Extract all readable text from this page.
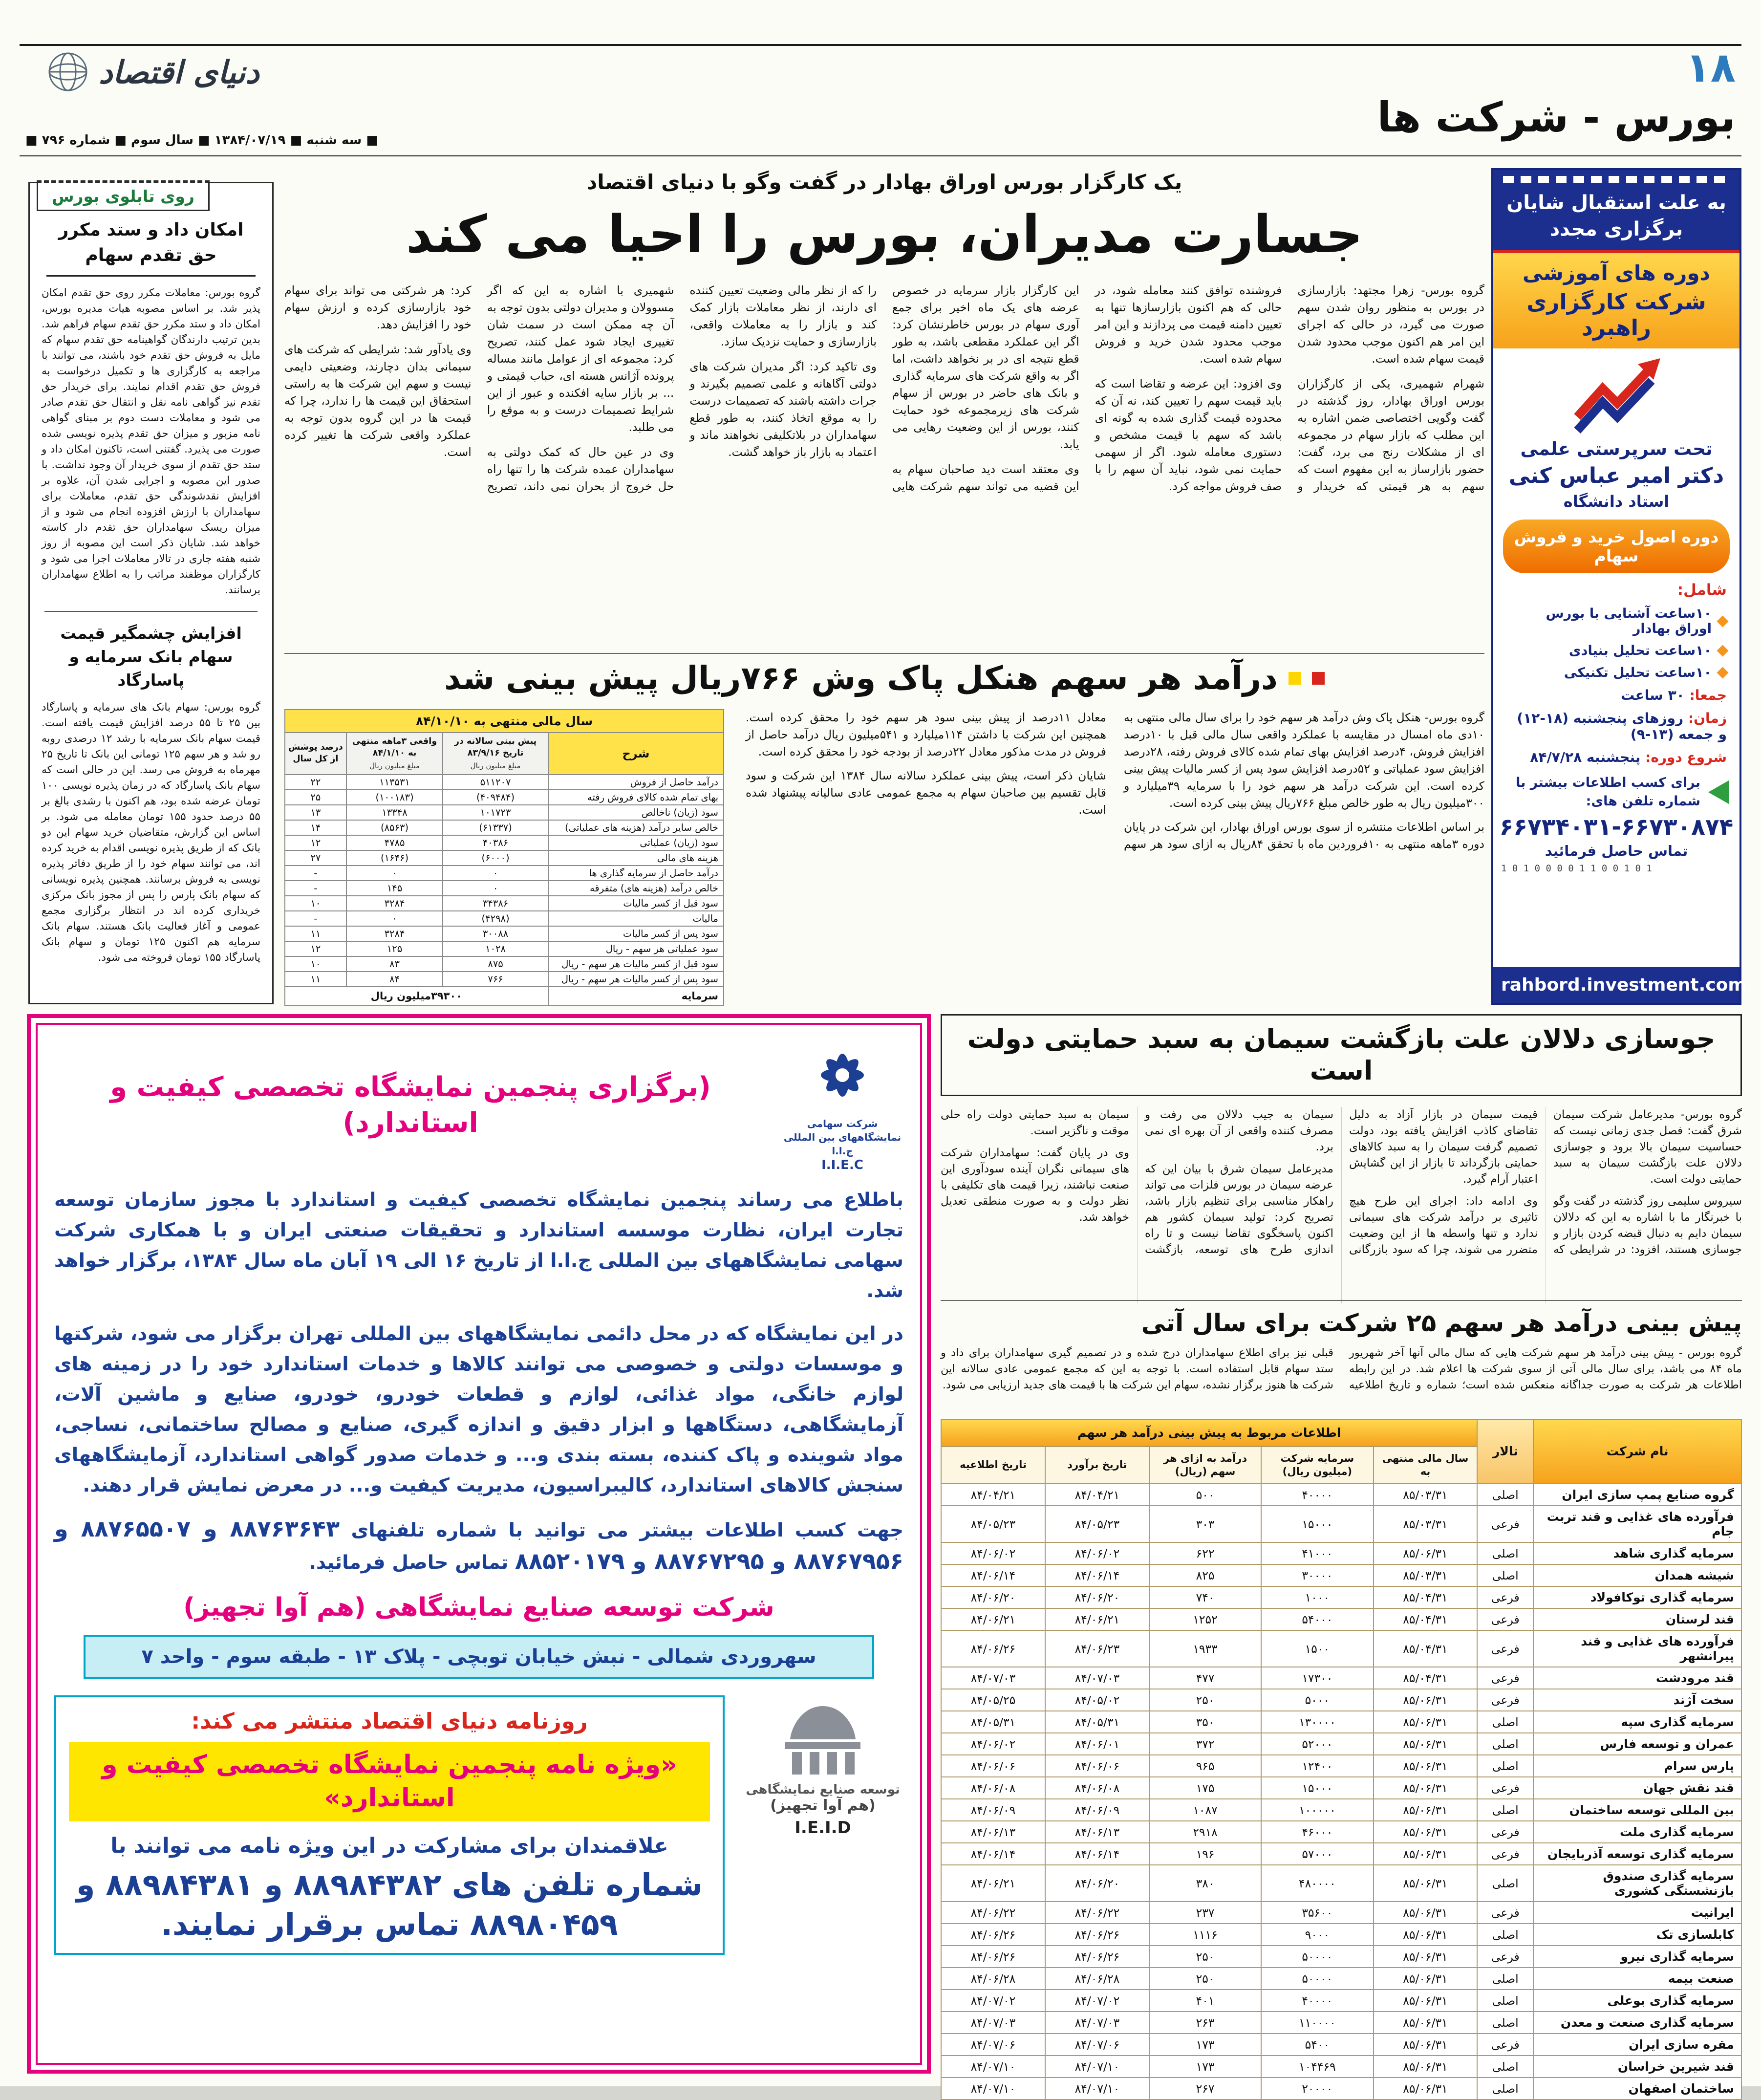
۱۸
بورس - شرکت ها
دنیای اقتصاد
■ سه شنبه ■ ۱۳۸۴/۰۷/۱۹ ■ سال سوم ■ شماره ۷۹۶ ■
روی تابلوی بورس
امکان داد و ستد مکرر حق تقدم سهام

گروه بورس: معاملات مکرر روی حق تقدم امکان پذیر شد. بر اساس مصوبه هیات مدیره بورس، امکان داد و ستد مکرر حق تقدم سهام فراهم شد. بدین ترتیب دارندگان گواهینامه حق تقدم سهام که مایل به فروش حق تقدم خود باشند، می توانند با مراجعه به کارگزاری ها و تکمیل درخواست به فروش حق تقدم اقدام نمایند. برای خریدار حق تقدم نیز گواهی نامه نقل و انتقال حق تقدم صادر می شود و معاملات دست دوم بر مبنای گواهی نامه مزبور و میزان حق تقدم پذیره نویسی شده صورت می پذیرد. گفتنی است، تاکنون امکان داد و ستد حق تقدم از سوی خریدار آن وجود نداشت. با صدور این مصوبه و اجرایی شدن آن، علاوه بر افزایش نقدشوندگی حق تقدم، معاملات برای سهامداران با ارزش افزوده انجام می شود و از میزان ریسک سهامداران حق تقدم دار کاسته خواهد شد. شایان ذکر است این مصوبه از روز شنبه هفته جاری در تالار معاملات اجرا می شود و کارگزاران موظفند مراتب را به اطلاع سهامداران برسانند.

افزایش چشمگیر قیمت سهام بانک سرمایه و پاسارگاد

گروه بورس: سهام بانک های سرمایه و پاسارگاد بین ۲۵ تا ۵۵ درصد افزایش قیمت یافته است. قیمت سهام بانک سرمایه با رشد ۱۲ درصدی روبه رو شد و هر سهم ۱۲۵ تومانی این بانک تا تاریخ ۲۵ مهرماه به فروش می رسد. این در حالی است که سهام بانک پاسارگاد که در زمان پذیره نویسی ۱۰۰ تومان عرضه شده بود، هم اکنون با رشدی بالغ بر ۵۵ درصد حدود ۱۵۵ تومان معامله می شود. بر اساس این گزارش، متقاضیان خرید سهام این دو بانک که از طریق پذیره نویسی اقدام به خرید کرده اند، می توانند سهام خود را از طریق دفاتر پذیره نویسی به فروش برسانند. همچنین پذیره نویسانی که سهام بانک پارس را پس از مجوز بانک مرکزی خریداری کرده اند در انتظار برگزاری مجمع عمومی و آغاز فعالیت بانک هستند. سهام بانک سرمایه هم اکنون ۱۲۵ تومان و سهام بانک پاسارگاد ۱۵۵ تومان فروخته می شود.

یک کارگزار بورس اوراق بهادار در گفت وگو با دنیای اقتصاد
جسارت مدیران، بورس را احیا می کند

گروه بورس- زهرا مجتهد: بازارسازی در بورس به منظور روان شدن سهم صورت می گیرد، در حالی که اجرای این امر هم اکنون موجب محدود شدن قیمت سهام شده است.

شهرام شهمیری، یکی از کارگزاران بورس اوراق بهادار، روز گذشته در گفت وگویی اختصاصی ضمن اشاره به این مطلب که بازار سهام در مجموعه ای از مشکلات رنج می برد، گفت: حضور بازارساز به این مفهوم است که سهم به هر قیمتی که خریدار و فروشنده توافق کنند معامله شود، در حالی که هم اکنون بازارسازها تنها به تعیین دامنه قیمت می پردازند و این امر موجب محدود شدن خرید و فروش سهام شده است.

وی افزود: این عرضه و تقاضا است که باید قیمت سهم را تعیین کند، نه آن که محدوده قیمت گذاری شده به گونه ای باشد که سهم با قیمت مشخص و دستوری معامله شود. اگر از سهمی حمایت نمی شود، نباید آن سهم را با صف فروش مواجه کرد.

این کارگزار بازار سرمایه در خصوص عرضه های یک ماه اخیر برای جمع آوری سهام در بورس خاطرنشان کرد: اگر این عملکرد مقطعی باشد، به طور قطع نتیجه ای در بر نخواهد داشت، اما اگر به واقع شرکت های سرمایه گذاری و بانک های حاضر در بورس از سهام شرکت های زیرمجموعه خود حمایت کنند، بورس از این وضعیت رهایی می یابد.

وی معتقد است دید صاحبان سهام به این قضیه می تواند سهم شرکت هایی را که از نظر مالی وضعیت تعیین کننده ای دارند، از نظر معاملات بازار کمک کند و بازار را به معاملات واقعی، بازارسازی و حمایت نزدیک سازد.

وی تاکید کرد: اگر مدیران شرکت های دولتی آگاهانه و علمی تصمیم بگیرند و جرات داشته باشند که تصمیمات درست را به موقع اتخاذ کنند، به طور قطع سهامداران در بلاتکلیفی نخواهند ماند و اعتماد به بازار باز خواهد گشت.

شهمیری با اشاره به این که اگر مسوولان و مدیران دولتی بدون توجه به آن چه ممکن است در سمت شان تغییری ایجاد شود عمل کنند، تصریح کرد: مجموعه ای از عوامل مانند مساله پرونده آژانس هسته ای، حباب قیمتی و ... بر بازار سایه افکنده و عبور از این شرایط تصمیمات درست و به موقع را می طلبد.

وی در عین حال که کمک دولتی به سهامداران عمده شرکت ها را تنها راه حل خروج از بحران نمی داند، تصریح کرد: هر شرکتی می تواند برای سهام خود بازارسازی کرده و ارزش سهام خود را افزایش دهد.

وی یادآور شد: شرایطی که شرکت های سیمانی بدان دچارند، وضعیتی دایمی نیست و سهم این شرکت ها به راستی استحقاق این قیمت ها را ندارد، چرا که قیمت ها در این گروه بدون توجه به عملکرد واقعی شرکت ها تغییر کرده است.

درآمد هر سهم هنکل پاک وش ۷۶۶ریال پیش بینی شد

گروه بورس- هنکل پاک وش درآمد هر سهم خود را برای سال مالی منتهی به ۱۰دی ماه امسال در مقایسه با عملکرد واقعی سال مالی قبل با ۱۰درصد افزایش فروش، ۴درصد افزایش بهای تمام شده کالای فروش رفته، ۲۸درصد افزایش سود عملیاتی و ۵۲درصد افزایش سود پس از کسر مالیات پیش بینی کرده است. این شرکت درآمد هر سهم خود را با سرمایه ۳۹میلیارد و ۳۰۰میلیون ریال به طور خالص مبلغ ۷۶۶ریال پیش بینی کرده است.

بر اساس اطلاعات منتشره از سوی بورس اوراق بهادار، این شرکت در پایان دوره ۳ماهه منتهی به ۱۰فروردین ماه با تحقق ۸۴ریال به ازای سود هر سهم معادل ۱۱درصد از پیش بینی سود هر سهم خود را محقق کرده است. همچنین این شرکت با داشتن ۱۱۴میلیارد و ۵۴۱میلیون ریال درآمد حاصل از فروش در مدت مذکور معادل ۲۲درصد از بودجه خود را محقق کرده است.

شایان ذکر است، پیش بینی عملکرد سالانه سال ۱۳۸۴ این شرکت و سود قابل تقسیم بین صاحبان سهام به مجمع عمومی عادی سالیانه پیشنهاد شده است.

سال مالی منتهی به ۸۴/۱۰/۱۰			
شرح	پیش بینی سالانه در تاریخ ۸۳/۹/۱۶
مبلغ میلیون ریال	واقعی ۳ماهه منتهی به ۸۴/۱/۱۰
مبلغ میلیون ریال	درصد پوشش از کل سال
درآمد حاصل از فروش	۵۱۱۲۰۷	۱۱۳۵۳۱	۲۲
بهای تمام شده کالای فروش رفته	(۴۰۹۴۸۴)	(۱۰۰۱۸۳)	۲۵
سود (زیان) ناخالص	۱۰۱۷۲۳	۱۳۳۴۸	۱۳
خالص سایر درآمد (هزینه های عملیاتی)	(۶۱۳۳۷)	(۸۵۶۳)	۱۴
سود (زیان) عملیاتی	۴۰۳۸۶	۴۷۸۵	۱۲
هزینه های مالی	(۶۰۰۰)	(۱۶۴۶)	۲۷
درآمد حاصل از سرمایه گذاری ها	۰	۰	-
خالص درآمد (هزینه های) متفرقه	۰	۱۴۵	-
سود قبل از کسر مالیات	۳۴۳۸۶	۳۲۸۴	۱۰
مالیات	(۴۲۹۸)	۰	-
سود پس از کسر مالیات	۳۰۰۸۸	۳۲۸۴	۱۱
سود عملیاتی هر سهم - ریال	۱۰۲۸	۱۲۵	۱۲
سود قبل از کسر مالیات هر سهم - ریال	۸۷۵	۸۳	۱۰
سود پس از کسر مالیات هر سهم - ریال	۷۶۶	۸۴	۱۱
سرمایه	۳۹۳۰۰میلیون ریال		
به علت استقبال شایان
برگزاری مجدد
دوره های آموزشی
شرکت کارگزاری راهبرد
تحت سرپرستی علمی
دکتر امیر عباس کنی
استاد دانشگاه
دوره اصول خرید و فروش سهام
شامل:
۱۰ساعت آشنایی با بورس اوراق بهادار
۱۰ساعت تحلیل بنیادی
۱۰ساعت تحلیل تکنیکی
جمعا: ۳۰ ساعت
زمان: روزهای پنجشنبه (۱۸-۱۲) و جمعه (۱۳-۹)
شروع دوره: پنجشنبه ۸۴/۷/۲۸
برای کسب اطلاعات بیشتر با شماره تلفن های:
۶۶۷۳۴۰۳۱-۶۶۷۳۰۸۷۴
تماس حاصل فرمائید
1 0 1 0 0 0 0 1 1 0 0 1 0 1
rahbord.investment.com
جوسازی دلالان علت بازگشت سیمان به سبد حمایتی دولت است

گروه بورس- مدیرعامل شرکت سیمان شرق گفت: فصل جدی زمانی نیست که حساسیت سیمان بالا برود و جوسازی دلالان علت بازگشت سیمان به سبد حمایتی دولت است.

سیروس سلیمی روز گذشته در گفت وگو با خبرنگار ما با اشاره به این که دلالان سیمان دایم به دنبال قبضه کردن بازار و جوسازی هستند، افزود: در شرایطی که قیمت سیمان در بازار آزاد به دلیل تقاضای کاذب افزایش یافته بود، دولت تصمیم گرفت سیمان را به سبد کالاهای حمایتی بازگرداند تا بازار از این گشایش اعتبار آرام گیرد.

وی ادامه داد: اجرای این طرح هیچ تاثیری بر درآمد شرکت های سیمانی ندارد و تنها واسطه ها از این وضعیت متضرر می شوند، چرا که سود بازرگانی سیمان به جیب دلالان می رفت و مصرف کننده واقعی از آن بهره ای نمی برد.

مدیرعامل سیمان شرق با بیان این که عرضه سیمان در بورس فلزات می تواند راهکار مناسبی برای تنظیم بازار باشد، تصریح کرد: تولید سیمان کشور هم اکنون پاسخگوی تقاضا نیست و تا راه اندازی طرح های توسعه، بازگشت سیمان به سبد حمایتی دولت راه حلی موقت و ناگزیر است.

وی در پایان گفت: سهامداران شرکت های سیمانی نگران آینده سودآوری این صنعت نباشند، زیرا قیمت های تکلیفی با نظر دولت و به صورت منطقی تعدیل خواهد شد.

پیش بینی درآمد هر سهم ۲۵ شرکت برای سال آتی
گروه بورس - پیش بینی درآمد هر سهم شرکت هایی که سال مالی آنها آخر شهریور ماه ۸۴ می باشد، برای سال مالی آتی از سوی شرکت ها اعلام شد. در این رابطه اطلاعات هر شرکت به صورت جداگانه منعکس شده است؛ شماره و تاریخ اطلاعیه قبلی نیز برای اطلاع سهامداران درج شده و در تصمیم گیری سهامداران برای داد و ستد سهام قابل استفاده است. با توجه به این که مجمع عمومی عادی سالانه این شرکت ها هنوز برگزار نشده، سهام این شرکت ها با قیمت های جدید ارزیابی می شود.
نام شرکت	تالار	اطلاعات مربوط به پیش بینی درآمد هر سهم				
		سال مالی منتهی به	سرمایه شرکت (میلیون ریال)	درآمد به ازای هر سهم (ریال)	تاریخ برآورد	تاریخ اطلاعیه
گروه صنایع پمپ سازی ایران	اصلی	۸۵/۰۳/۳۱	۴۰۰۰۰	۵۰۰	۸۴/۰۴/۲۱	۸۴/۰۴/۲۱
فرآورده های غذایی و قند تربت جام	فرعی	۸۵/۰۳/۳۱	۱۵۰۰۰	۳۰۳	۸۴/۰۵/۲۳	۸۴/۰۵/۲۳
سرمایه گذاری شاهد	اصلی	۸۵/۰۶/۳۱	۴۱۰۰۰	۶۲۲	۸۴/۰۶/۰۲	۸۴/۰۶/۰۲
شیشه همدان	اصلی	۸۵/۰۳/۳۱	۳۰۰۰۰	۸۲۵	۸۴/۰۶/۱۴	۸۴/۰۶/۱۴
سرمایه گذاری توکافولاد	فرعی	۸۵/۰۴/۳۱	۱۰۰۰	۷۴۰	۸۴/۰۶/۲۰	۸۴/۰۶/۲۰
قند لرستان	فرعی	۸۵/۰۴/۳۱	۵۴۰۰۰	۱۲۵۲	۸۴/۰۶/۲۱	۸۴/۰۶/۲۱
فرآورده های غذایی و قند پیرانشهر	فرعی	۸۵/۰۴/۳۱	۱۵۰۰	۱۹۳۳	۸۴/۰۶/۲۳	۸۴/۰۶/۲۶
قند مرودشت	فرعی	۸۵/۰۴/۳۱	۱۷۳۰۰	۴۷۷	۸۴/۰۷/۰۳	۸۴/۰۷/۰۳
سخت آژند	فرعی	۸۵/۰۶/۳۱	۵۰۰۰	۲۵۰	۸۴/۰۵/۰۲	۸۴/۰۵/۲۵
سرمایه گذاری سپه	اصلی	۸۵/۰۶/۳۱	۱۳۰۰۰۰	۳۵۰	۸۴/۰۵/۳۱	۸۴/۰۵/۳۱
عمران و توسعه فارس	اصلی	۸۵/۰۶/۳۱	۵۲۰۰۰	۳۷۲	۸۴/۰۶/۰۱	۸۴/۰۶/۰۲
پارس سرام	اصلی	۸۵/۰۶/۳۱	۱۲۴۰۰	۹۶۵	۸۴/۰۶/۰۶	۸۴/۰۶/۰۶
قند نقش جهان	فرعی	۸۵/۰۶/۳۱	۱۵۰۰۰	۱۷۵	۸۴/۰۶/۰۸	۸۴/۰۶/۰۸
بین المللی توسعه ساختمان	اصلی	۸۵/۰۶/۳۱	۱۰۰۰۰۰	۱۰۸۷	۸۴/۰۶/۰۹	۸۴/۰۶/۰۹
سرمایه گذاری ملت	فرعی	۸۵/۰۶/۳۱	۴۶۰۰۰	۲۹۱۸	۸۴/۰۶/۱۳	۸۴/۰۶/۱۳
سرمایه گذاری توسعه آذربایجان	فرعی	۸۵/۰۶/۳۱	۵۷۰۰۰	۱۹۶	۸۴/۰۶/۱۴	۸۴/۰۶/۱۴
سرمایه گذاری صندوق بازنشستگی کشوری	اصلی	۸۵/۰۶/۳۱	۴۸۰۰۰۰	۳۸۰	۸۴/۰۶/۲۰	۸۴/۰۶/۲۱
ایرانیت	فرعی	۸۵/۰۶/۳۱	۳۵۶۰۰	۲۳۷	۸۴/۰۶/۲۲	۸۴/۰۶/۲۲
کابلسازی تک	اصلی	۸۵/۰۶/۳۱	۹۰۰۰	۱۱۱۶	۸۴/۰۶/۲۶	۸۴/۰۶/۲۶
سرمایه گذاری نیرو	فرعی	۸۵/۰۶/۳۱	۵۰۰۰۰	۲۵۰	۸۴/۰۶/۲۶	۸۴/۰۶/۲۶
صنعت بیمه	اصلی	۸۵/۰۶/۳۱	۵۰۰۰۰	۲۵۰	۸۴/۰۶/۲۸	۸۴/۰۶/۲۸
سرمایه گذاری بوعلی	اصلی	۸۵/۰۶/۳۱	۴۰۰۰۰	۴۰۱	۸۴/۰۷/۰۲	۸۴/۰۷/۰۲
سرمایه گذاری صنعت و معدن	اصلی	۸۵/۰۶/۳۱	۱۱۰۰۰۰	۲۶۳	۸۴/۰۷/۰۳	۸۴/۰۷/۰۳
مقره سازی ایران	فرعی	۸۵/۰۶/۳۱	۵۴۰۰	۱۷۳	۸۴/۰۷/۰۶	۸۴/۰۷/۰۶
قند شیرین خراسان	اصلی	۸۵/۰۶/۳۱	۱۰۴۴۶۹	۱۷۳	۸۴/۰۷/۱۰	۸۴/۰۷/۱۰
ساختمان اصفهان	اصلی	۸۵/۰۶/۳۱	۲۰۰۰۰	۲۶۷	۸۴/۰۷/۱۰	۸۴/۰۷/۱۰
شرکت سهامی نمایشگاههای بین المللی ج.ا.ا
I.I.E.C
(برگزاری پنجمین نمایشگاه تخصصی کیفیت و استاندارد)

باطلاع می رساند پنجمین نمایشگاه تخصصی کیفیت و استاندارد با مجوز سازمان توسعه تجارت ایران، نظارت موسسه استاندارد و تحقیقات صنعتی ایران و با همکاری شرکت سهامی نمایشگاههای بین المللی ج.ا.ا از تاریخ ۱۶ الی ۱۹ آبان ماه سال ۱۳۸۴، برگزار خواهد شد.

در این نمایشگاه که در محل دائمی نمایشگاههای بین المللی تهران برگزار می شود، شرکتها و موسسات دولتی و خصوصی می توانند کالاها و خدمات استاندارد خود را در زمینه های لوازم خانگی، مواد غذائی، لوازم و قطعات خودرو، خودرو، صنایع و ماشین آلات، آزمایشگاهی، دستگاهها و ابزار دقیق و اندازه گیری، صنایع و مصالح ساختمانی، نساجی، مواد شوینده و پاک کننده، بسته بندی و... و خدمات صدور گواهی استاندارد، آزمایشگاههای سنجش کالاهای استاندارد، کالیبراسیون، مدیریت کیفیت و... در معرض نمایش قرار دهند.

جهت کسب اطلاعات بیشتر می توانید با شماره تلفنهای ۸۸۷۶۳۶۴۳ و ۸۸۷۶۵۵۰۷ و ۸۸۷۶۷۹۵۶ و ۸۸۷۶۷۲۹۵ و ۸۸۵۲۰۱۷۹ تماس حاصل فرمائید.

شرکت توسعه صنایع نمایشگاهی (هم آوا تجهیز)
سهروردی شمالی - نبش خیابان توبچی - پلاک ۱۳ - طبقه سوم - واحد ۷
توسعه صنایع نمایشگاهی
(هم آوا تجهیز)
I.E.I.D
روزنامه دنیای اقتصاد منتشر می کند:
«ویژه نامه پنجمین نمایشگاه تخصصی کیفیت و استاندارد»
علاقمندان برای مشارکت در این ویژه نامه می توانند با
شماره تلفن های ۸۸۹۸۴۳۸۲ و ۸۸۹۸۴۳۸۱ و
۸۸۹۸۰۴۵۹ تماس برقرار نمایند.
